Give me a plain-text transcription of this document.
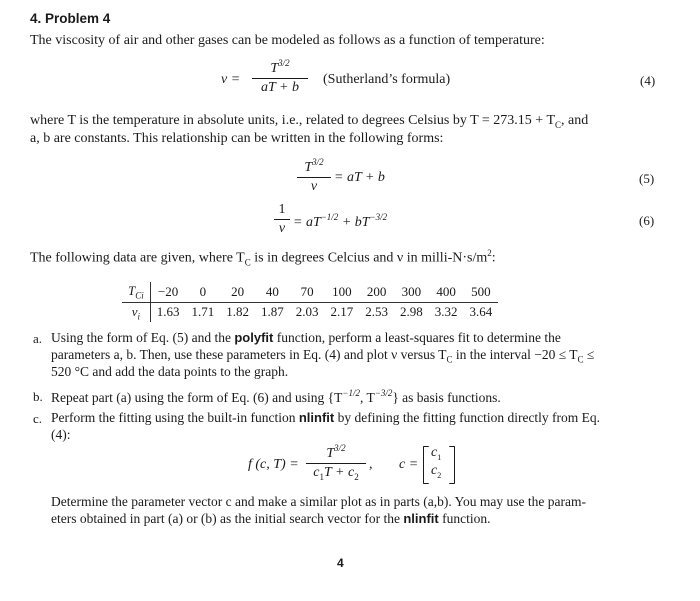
4. Problem 4
The viscosity of air and other gases can be modeled as follows as a function of temperature:
$\nu = \frac{T^{3/2}}{aT + b}$ (Sutherland’s formula)	(4)
where T is the temperature in absolute units, i.e., related to degrees Celsius by $T = 273.15 + T_C$, and
a, b are constants. This relationship can be written in the following forms:
$\frac{T^{3/2}}{\nu}$ = aT + b	(5)
$\frac{1}{\nu} = aT^{-1/2} + bT^{-3/2}$	(6)
The following data are given, where $T_C$ is in degrees Celcius and ν in milli-$N\cdot s/m^2$:
$T_{Ci}$	−20	0	20	40	70	100	200	300	400	500
$\nu_i$	1.63	1.71	1.82	1.87	2.03	2.17	2.53	2.98	3.32	3.64
a. Using the form of Eq. (5) and the polyfit function, perform a least-squares fit to determine the
parameters a, b. Then, use these parameters in Eq. (4) and plot ν versus $T_C$ in the interval $-20 \le T_C$ ≤
520 °C and add the data points to the graph.
b. Repeat part (a) using the form of Eq. (6) and using {$T^{-1/2}$, $T^{-3/2}$} as basis functions.
c. Perform the fitting using the built-in function nlinfit by defining the fitting function directly from Eq.
(4):
f (c, $T) = \frac{T^{3/2}}{c_1T + c_2}$ , c =
$c_1$
$c_2$
Determine the parameter vector c and make a similar plot as in parts (a,b). You may use the param-
eters obtained in part (a) or (b) as the initial search vector for the nlinfit function.
4
